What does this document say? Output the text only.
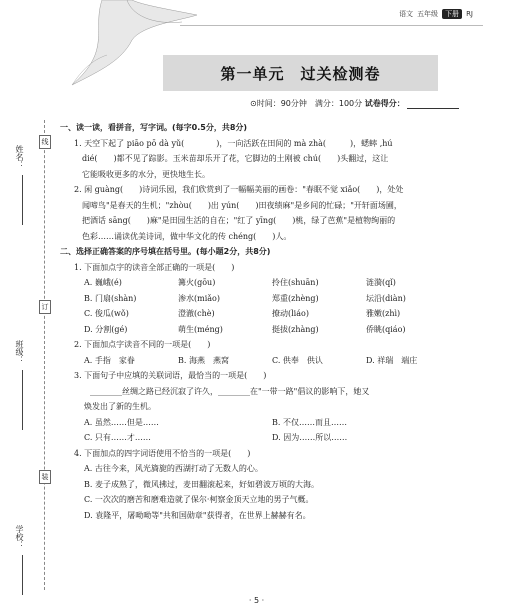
语文 五年级	下册	RJ
第一单元　过关检测卷
⊙时间：90分钟　满分：100分 试卷得分：
姓名：
班级：
学校：
线
订
装

一、读一读，看拼音，写字词。(每字0.5分，共8分)

1. 天空下起了 piāo pō dà yǔ(　　　　)，一向活跃在田间的 mà zhà(　　　)，蟋蟀 ,hú

dié(　　)都不见了踪影。玉米苗却乐开了花，它脚边的土刚被 chú(　　)头翻过，这让

它能吸收更多的水分，更快地生长。

2. 闲 guàng(　　)诗词乐园，我们欣赏到了一幅幅美丽的画卷："春眠不觉 xiǎo(　　)，处处

闻啼鸟"是春天的生机；"zhòu(　　)出 yún(　　)田夜绩麻"是乡间的忙碌；"开轩面场圃，

把酒话 sāng(　　)麻"是田园生活的自在；"红了 yīng(　　)桃，绿了芭蕉"是植物绚丽的

色彩……诵读优美诗词，做中华文化的传 chéng(　　)人。

二、选择正确答案的序号填在括号里。(每小题2分，共8分)

1. 下面加点字的读音全部正确的一项是(　　)

A. 巍峨(é)	篝火(gōu)	拎住(shuān)	涟漪(qǐ)
B. 门扇(shàn)	渗水(miǎo)	郑重(zhèng)	坛沿(diàn)
C. 俊瓜(wǒ)	澄澈(chè)	撩动(liáo)	雅嫩(zhì)
D. 分割(gé)	萌生(méng)	挺拔(zhàng)	侨眺(qiáo)

2. 下面加点字读音不同的一项是(　　)

A. 手指　家眷	B. 海燕　燕窝	C. 供奉　供认	D. 祥瑞　端庄

3. 下面句子中应填的关联词语，最恰当的一项是(　　)

________丝绸之路已经沉寂了许久，________在"一带一路"倡议的影响下，她又

焕发出了新的生机。

A. 虽然……但是……	B. 不仅……而且……
C. 只有……才……	D. 因为……所以……

4. 下面加点的四字词语使用不恰当的一项是(　　)

A. 古往今来，风光旖旎的西湖打动了无数人的心。

B. 麦子成熟了，微风拂过，麦田翻滚起来，好如碧波万顷的大海。

C. 一次次的磨苦和磨难造就了保尔·柯察金顶天立地的男子气概。

D. 袁隆平，屠呦呦等"共和国勋章"获得者，在世界上赫赫有名。

· 5 ·
